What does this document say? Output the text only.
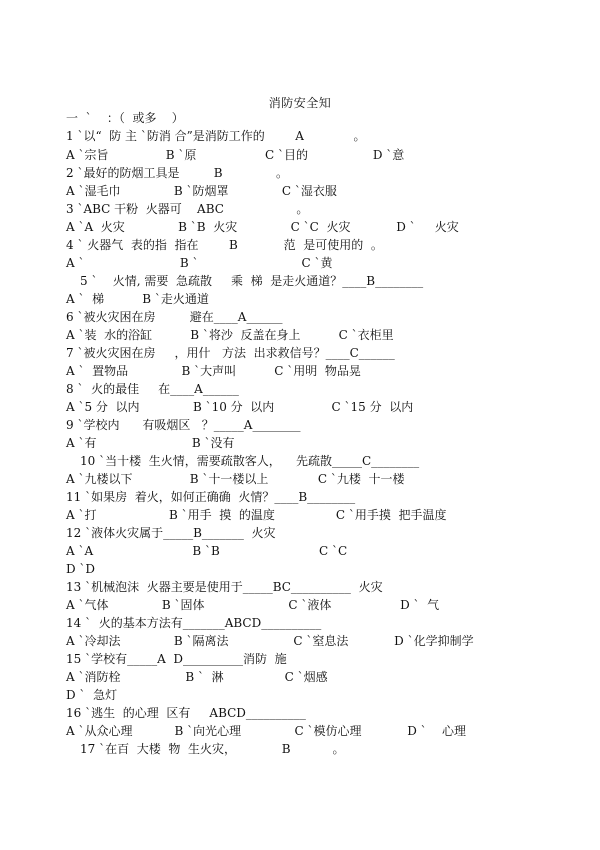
消防安全知
一  `    ：（  或多    ）
1 `以“  防 主 `防消 合”是消防工作的        A             。
A `宗旨               B `原                  C `目的                 D `意
2 `最好的防烟工具是         B              。
A `湿毛巾              B `防烟罩              C `湿衣服
3 `ABC 干粉  火器可    ABC                   。
A `A  火灾              B `B  火灾              C `C  火灾            D `     火灾
4 ` 火器气  表的指  指在        B            范  是可使用的  。
A `                         B `                           C `黄
5 `    火情, 需要  急疏散     乘  梯  是走火通道？____B________
A `  梯          B `走火通道
6 `被火灾困在房         避在____A______
A `装  水的浴缸          B `将沙  反盖在身上          C `衣柜里
7 `被火灾困在房     ，用什   方法  出求救信号？____C______
A `  置物品              B `大声叫          C `用明  物品晃
8 `  火的最佳     在____A______
A `5 分  以内              B `10 分  以内               C `15 分  以内
9 `学校内      有吸烟区   ？_____A________
A `有                         B `没有
10 `当十楼  生火情，需要疏散客人，    先疏散_____C________
A `九楼以下               B `十一楼以上             C `九楼  十一楼
11 `如果房  着火，如何正确确  火情？____B________
A `打                   B `用手  摸  的温度                C `用手摸  把手温度
12 `液体火灾属于_____B_______  火灾
A `A                          B `B                          C `C
D `D
13 `机械泡沫  火器主要是使用于_____BC__________  火灾
A `气体              B `固体                      C `液体                  D `  气
14 `  火的基本方法有_______ABCD__________
A `冷却法              B `隔离法                 C `窒息法            D `化学抑制学
15 `学校有_____A  D__________消防  施
A `消防栓                 B `  淋                C `烟感
D `  急灯
16 `逃生  的心理  区有     ABCD__________
A `从众心理           B `向光心理              C `模仿心理            D `    心理
17 `在百  大楼  物  生火灾，            B           。
